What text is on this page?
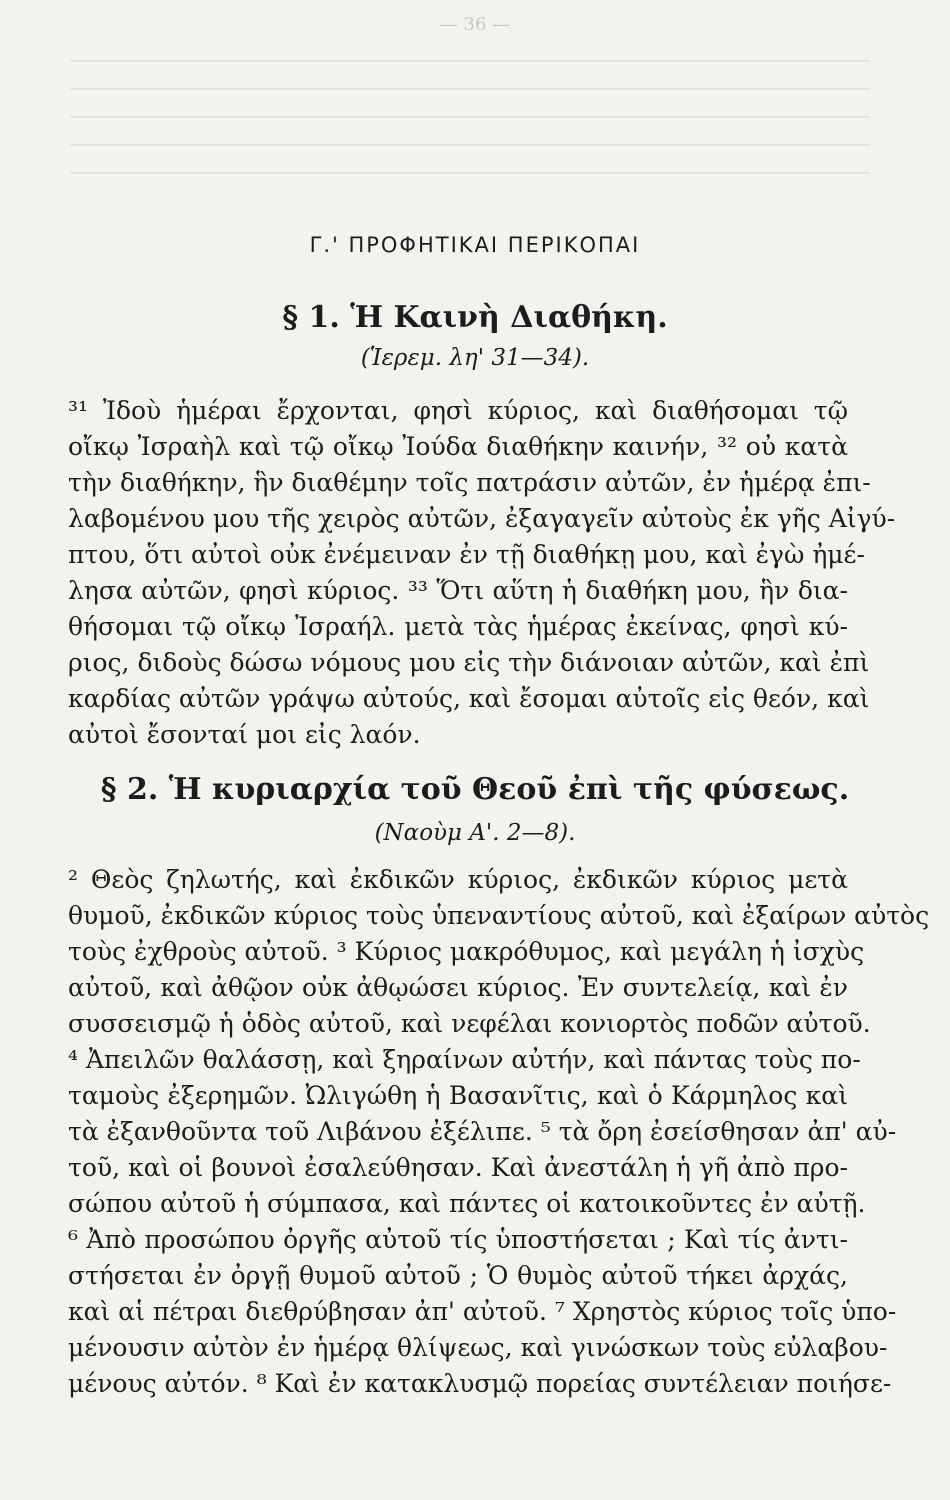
— 36 —
Γ.' ΠΡΟΦΗΤΙΚΑΙ ΠΕΡΙΚΟΠΑΙ
§ 1. Ἡ Καινὴ Διαθήκη.
(Ἱερεμ. λη' 31—34).
³¹ Ἰδοὺ ἡμέραι ἔρχονται, φησὶ κύριος, καὶ διαθήσομαι τῷ
οἴκῳ Ἰσραὴλ καὶ τῷ οἴκῳ Ἰούδα διαθήκην καινήν, ³² οὐ κατὰ
τὴν διαθήκην, ἣν διαθέμην τοῖς πατράσιν αὐτῶν, ἐν ἡμέρᾳ ἐπι-
λαβομένου μου τῆς χειρὸς αὐτῶν, ἐξαγαγεῖν αὐτοὺς ἐκ γῆς Αἰγύ-
πτου, ὅτι αὐτοὶ οὐκ ἐνέμειναν ἐν τῇ διαθήκῃ μου, καὶ ἐγὼ ἠμέ-
λησα αὐτῶν, φησὶ κύριος. ³³ Ὅτι αὕτη ἡ διαθήκη μου, ἣν δια-
θήσομαι τῷ οἴκῳ Ἰσραήλ. μετὰ τὰς ἡμέρας ἐκείνας, φησὶ κύ-
ριος, διδοὺς δώσω νόμους μου εἰς τὴν διάνοιαν αὐτῶν, καὶ ἐπὶ
καρδίας αὐτῶν γράψω αὐτούς, καὶ ἔσομαι αὐτοῖς εἰς θεόν, καὶ
αὐτοὶ ἔσονταί μοι εἰς λαόν.
§ 2. Ἡ κυριαρχία τοῦ Θεοῦ ἐπὶ τῆς φύσεως.
(Ναοὺμ Α'. 2—8).
² Θεὸς ζηλωτής, καὶ ἐκδικῶν κύριος, ἐκδικῶν κύριος μετὰ
θυμοῦ, ἐκδικῶν κύριος τοὺς ὑπεναντίους αὐτοῦ, καὶ ἐξαίρων αὐτὸς
τοὺς ἐχθροὺς αὐτοῦ. ³ Κύριος μακρόθυμος, καὶ μεγάλη ἡ ἰσχὺς
αὐτοῦ, καὶ ἀθῷον οὐκ ἀθῳώσει κύριος. Ἐν συντελείᾳ, καὶ ἐν
συσσεισμῷ ἡ ὁδὸς αὐτοῦ, καὶ νεφέλαι κονιορτὸς ποδῶν αὐτοῦ.
⁴ Ἀπειλῶν θαλάσσῃ, καὶ ξηραίνων αὐτήν, καὶ πάντας τοὺς πο-
ταμοὺς ἐξερημῶν. Ὠλιγώθη ἡ Βασανῖτις, καὶ ὁ Κάρμηλος καὶ
τὰ ἐξανθοῦντα τοῦ Λιβάνου ἐξέλιπε. ⁵ τὰ ὄρη ἐσείσθησαν ἀπ' αὐ-
τοῦ, καὶ οἱ βουνοὶ ἐσαλεύθησαν. Καὶ ἀνεστάλη ἡ γῆ ἀπὸ προ-
σώπου αὐτοῦ ἡ σύμπασα, καὶ πάντες οἱ κατοικοῦντες ἐν αὐτῇ.
⁶ Ἀπὸ προσώπου ὀργῆς αὐτοῦ τίς ὑποστήσεται ; Καὶ τίς ἀντι-
στήσεται ἐν ὀργῇ θυμοῦ αὐτοῦ ; Ὁ θυμὸς αὐτοῦ τήκει ἀρχάς,
καὶ αἱ πέτραι διεθρύβησαν ἀπ' αὐτοῦ. ⁷ Χρηστὸς κύριος τοῖς ὑπο-
μένουσιν αὐτὸν ἐν ἡμέρᾳ θλίψεως, καὶ γινώσκων τοὺς εὐλαβου-
μένους αὐτόν. ⁸ Καὶ ἐν κατακλυσμῷ πορείας συντέλειαν ποιήσε-
